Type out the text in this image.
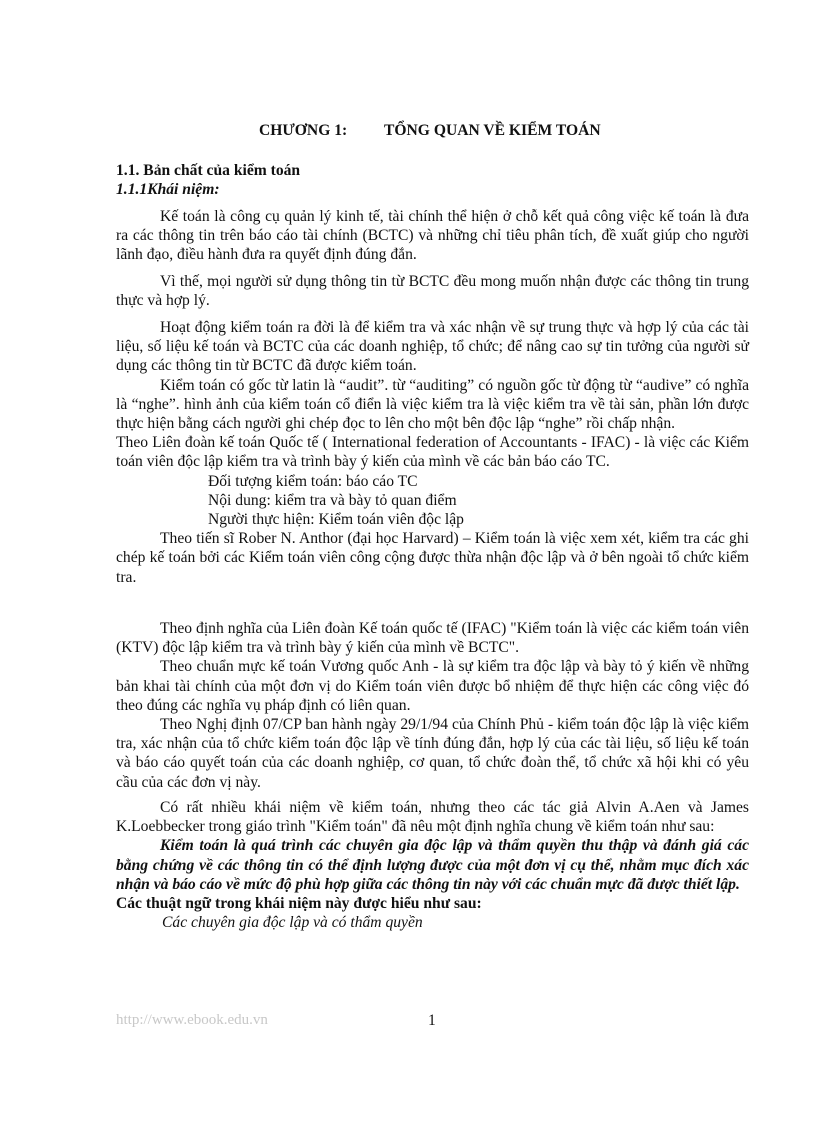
CHƯƠNG 1: TỔNG QUAN VỀ KIỂM TOÁN
1.1. Bản chất của kiểm toán
1.1.1Khái niệm:

Kế toán là công cụ quản lý kinh tế, tài chính thể hiện ở chỗ kết quả công việc kế toán là đưa ra các thông tin trên báo cáo tài chính (BCTC) và những chỉ tiêu phân tích, đề xuất giúp cho người lãnh đạo, điều hành đưa ra quyết định đúng đắn.

Vì thế, mọi người sử dụng thông tin từ BCTC đều mong muốn nhận được các thông tin trung thực và hợp lý.

Hoạt động kiểm toán ra đời là để kiểm tra và xác nhận về sự trung thực và hợp lý của các tài liệu, số liệu kế toán và BCTC của các doanh nghiệp, tổ chức; để nâng cao sự tin tưởng của người sử dụng các thông tin từ BCTC đã được kiểm toán.

Kiểm toán có gốc từ latin là “audit”. từ “auditing” có nguồn gốc từ động từ “audive” có nghĩa là “nghe”. hình ảnh của kiểm toán cổ điển là việc kiểm tra là việc kiểm tra về tài sản, phần lớn được thực hiện bằng cách người ghi chép đọc to lên cho một bên độc lập “nghe” rồi chấp nhận.

Theo Liên đoàn kế toán Quốc tế ( International federation of Accountants - IFAC) - là việc các Kiểm toán viên độc lập kiểm tra và trình bày ý kiến của mình về các bản báo cáo TC.

Đối tượng kiểm toán: báo cáo TC

Nội dung: kiểm tra và bày tỏ quan điểm

Người thực hiện: Kiểm toán viên độc lập

Theo tiến sĩ Rober N. Anthor (đại học Harvard) – Kiểm toán là việc xem xét, kiểm tra các ghi chép kế toán bởi các Kiểm toán viên công cộng được thừa nhận độc lập và ở bên ngoài tổ chức kiểm tra.

Theo định nghĩa của Liên đoàn Kế toán quốc tế (IFAC) "Kiểm toán là việc các kiểm toán viên (KTV) độc lập kiểm tra và trình bày ý kiến của mình về BCTC".

Theo chuẩn mực kế toán Vương quốc Anh - là sự kiểm tra độc lập và bày tỏ ý kiến về những bản khai tài chính của một đơn vị do Kiểm toán viên được bổ nhiệm để thực hiện các công việc đó theo đúng các nghĩa vụ pháp định có liên quan.

Theo Nghị định 07/CP ban hành ngày 29/1/94 của Chính Phủ - kiểm toán độc lập là việc kiểm tra, xác nhận của tổ chức kiểm toán độc lập về tính đúng đắn, hợp lý của các tài liệu, số liệu kế toán và báo cáo quyết toán của các doanh nghiệp, cơ quan, tổ chức đoàn thể, tổ chức xã hội khi có yêu cầu của các đơn vị này.

Có rất nhiều khái niệm về kiểm toán, nhưng theo các tác giả Alvin A.Aen và James K.Loebbecker trong giáo trình "Kiểm toán" đã nêu một định nghĩa chung về kiểm toán như sau:

Kiểm toán là quá trình các chuyên gia độc lập và thẩm quyền thu thập và đánh giá các bằng chứng về các thông tin có thể định lượng được của một đơn vị cụ thể, nhằm mục đích xác nhận và báo cáo về mức độ phù hợp giữa các thông tin này với các chuẩn mực đã được thiết lập.

Các thuật ngữ trong khái niệm này được hiểu như sau:

Các chuyên gia độc lập và có thẩm quyền

http://www.ebook.edu.vn	1
